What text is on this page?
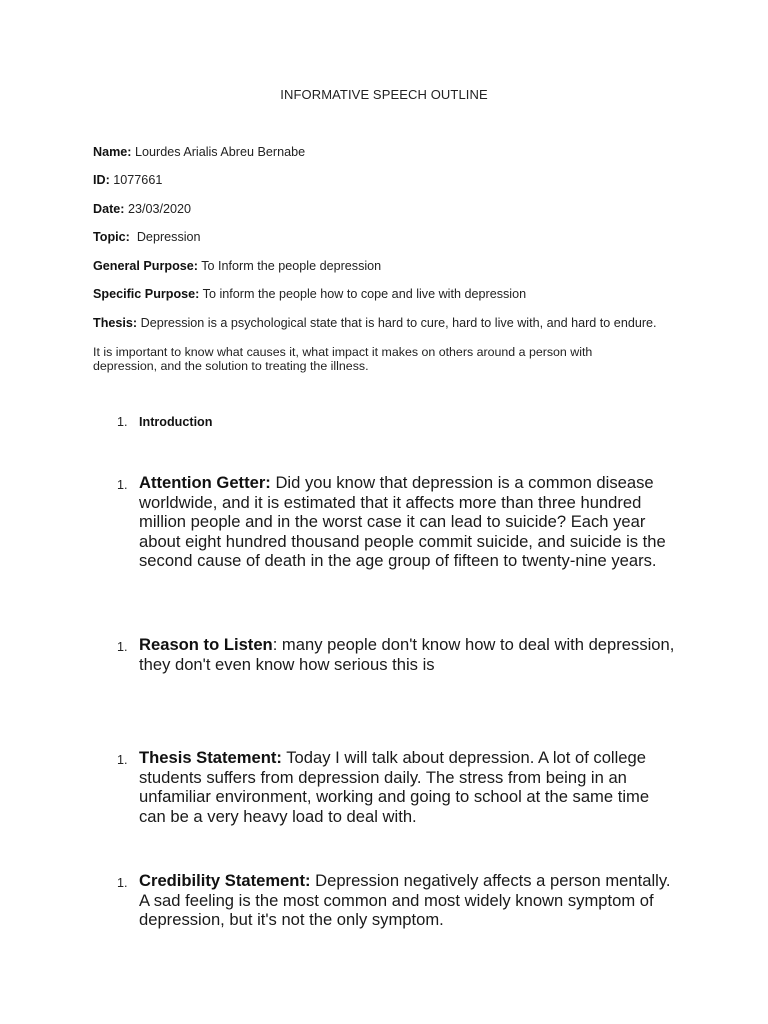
INFORMATIVE SPEECH OUTLINE
Name: Lourdes Arialis Abreu Bernabe
ID: 1077661
Date: 23/03/2020
Topic:  Depression
General Purpose: To Inform the people depression
Specific Purpose: To inform the people how to cope and live with depression
Thesis: Depression is a psychological state that is hard to cure, hard to live with, and hard to endure.
It is important to know what causes it, what impact it makes on others around a person with depression, and the solution to treating the illness.
1. Introduction
1. Attention Getter: Did you know that depression is a common disease worldwide, and it is estimated that it affects more than three hundred million people and in the worst case it can lead to suicide? Each year about eight hundred thousand people commit suicide, and suicide is the second cause of death in the age group of fifteen to twenty-nine years.
1. Reason to Listen: many people don't know how to deal with depression, they don't even know how serious this is
1. Thesis Statement: Today I will talk about depression. A lot of college students suffers from depression daily. The stress from being in an unfamiliar environment, working and going to school at the same time can be a very heavy load to deal with.
1. Credibility Statement: Depression negatively affects a person mentally. A sad feeling is the most common and most widely known symptom of depression, but it's not the only symptom.
